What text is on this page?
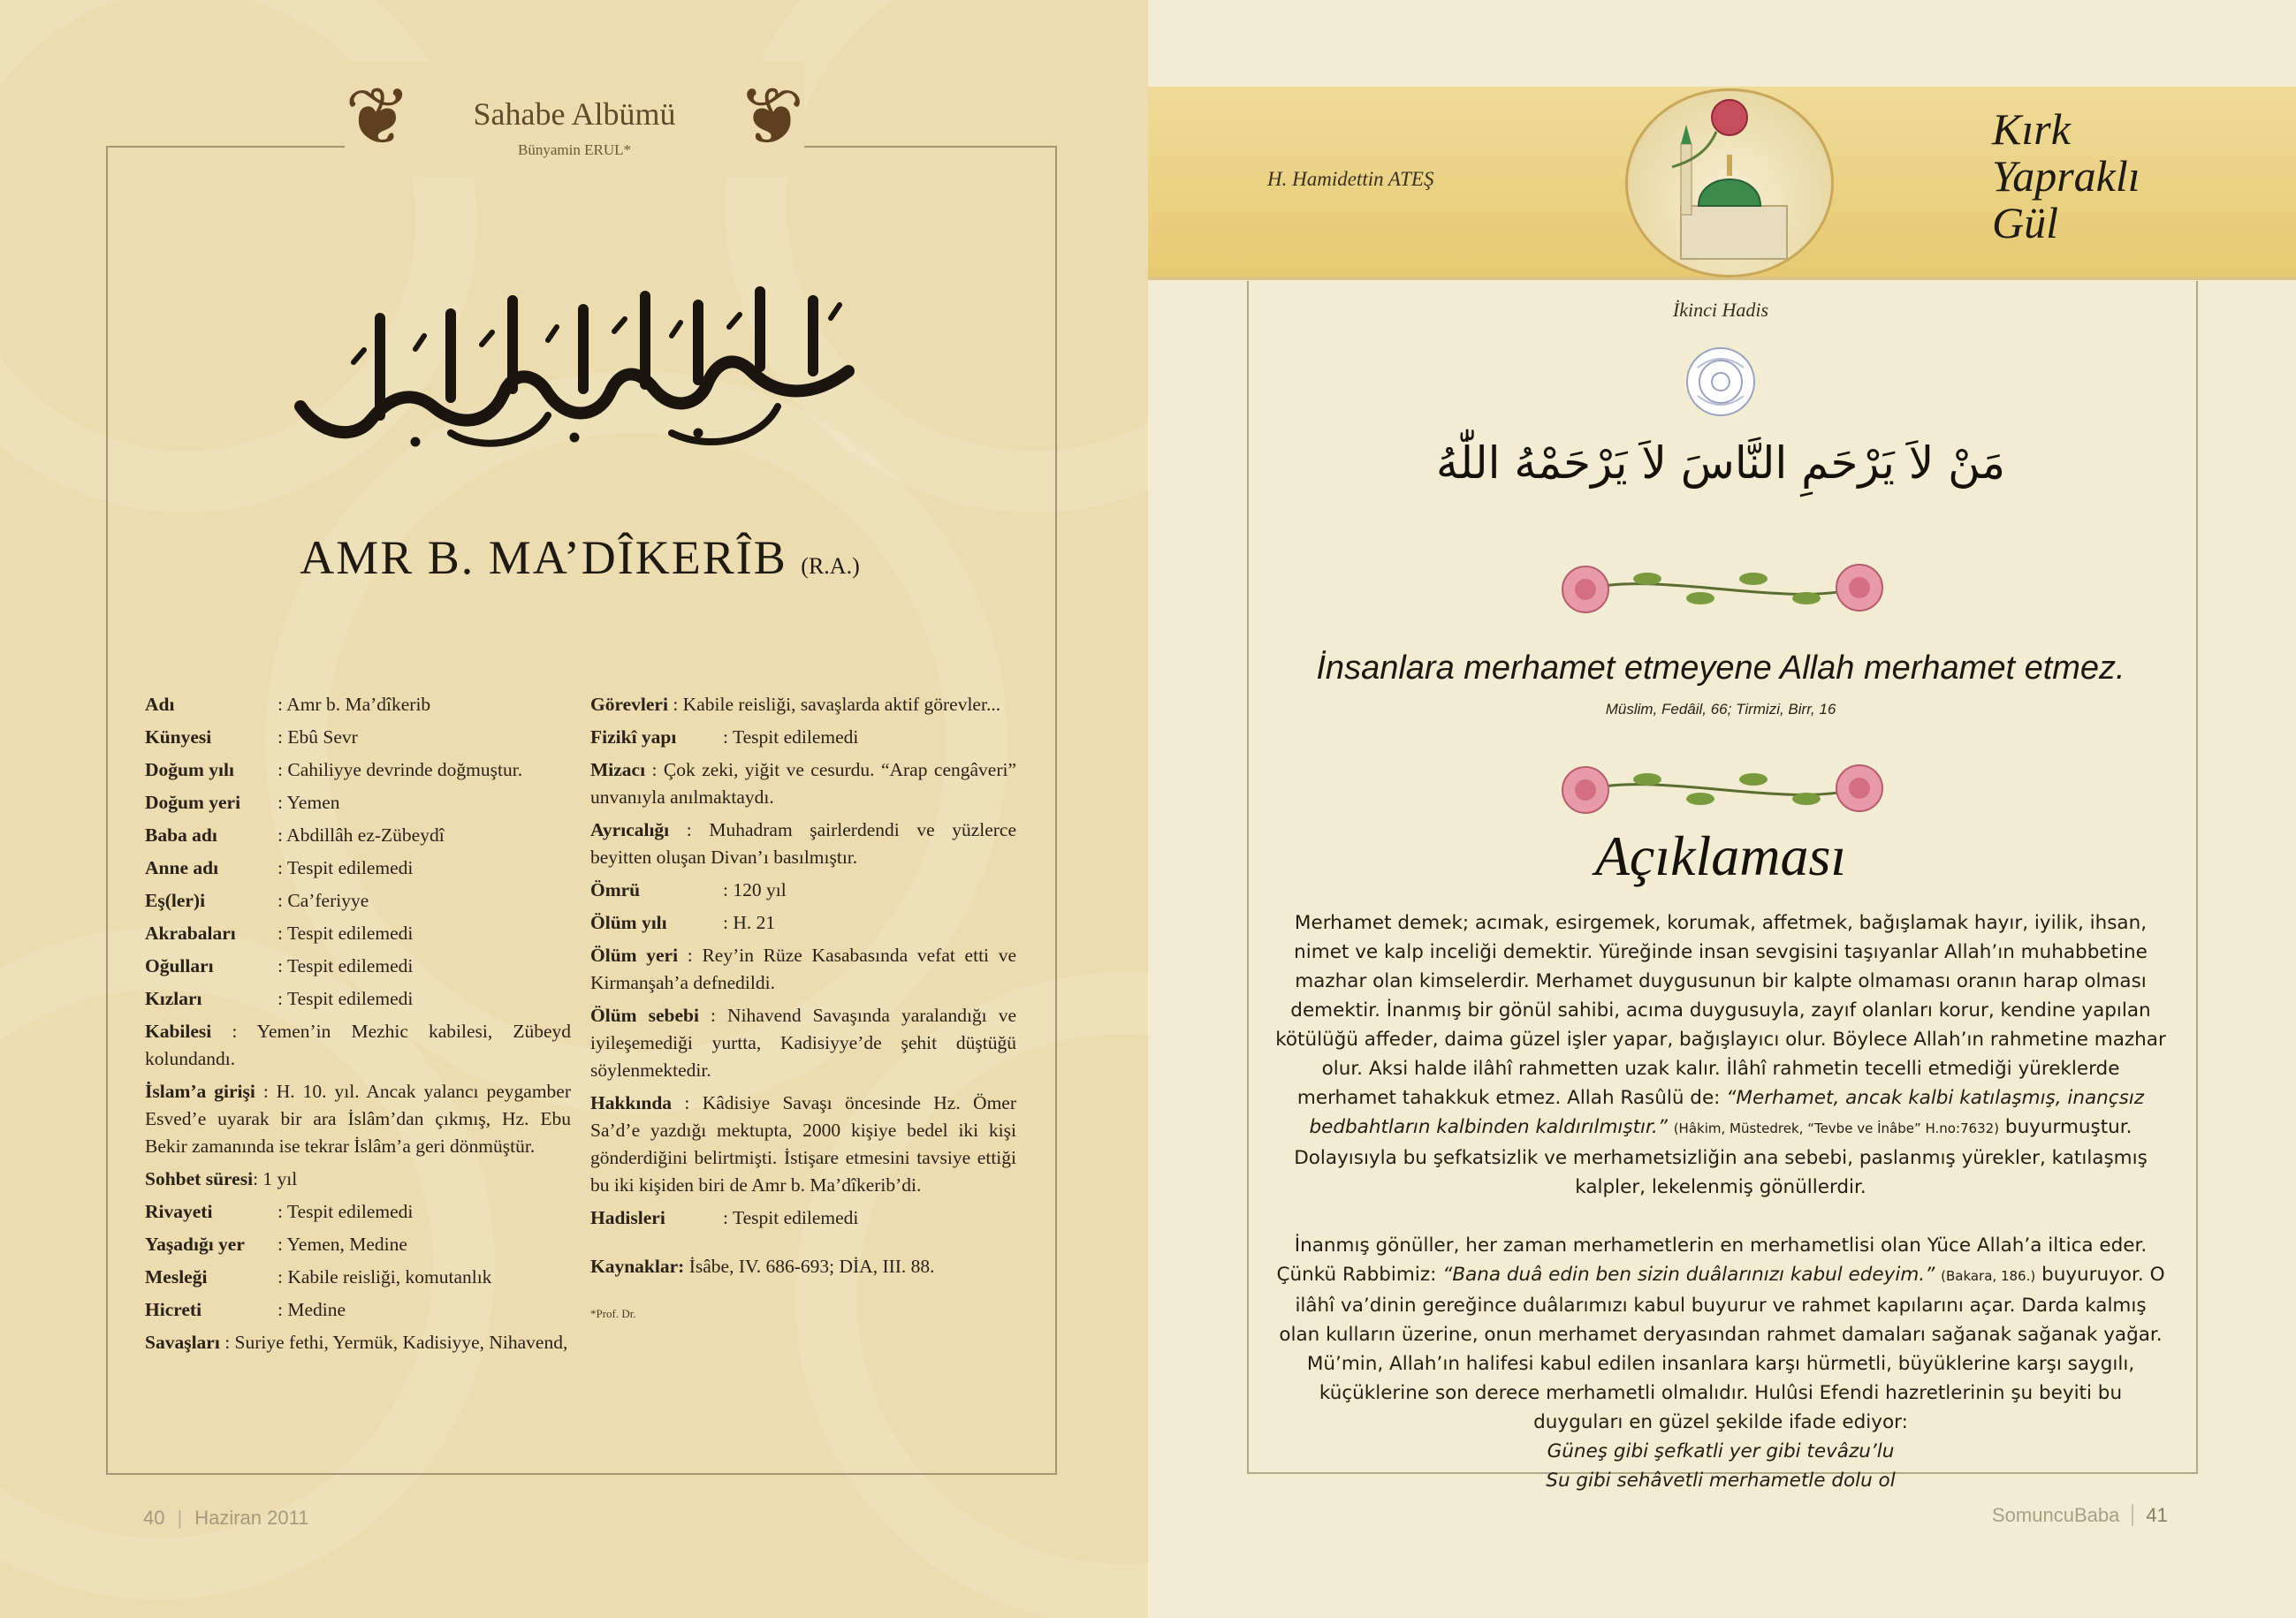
❦	❦
Sahabe Albümü
Bünyamin ERUL*
AMR B. MA’DÎKERÎB (R.A.)
Adı	: Amr b. Ma’dîkerib
Künyesi	: Ebû Sevr
Doğum yılı	: Cahiliyye devrinde doğmuştur.
Doğum yeri	: Yemen
Baba adı	: Abdillâh ez-Zübeydî
Anne adı	: Tespit edilemedi
Eş(ler)i	: Ca’feriyye
Akrabaları	: Tespit edilemedi
Oğulları	: Tespit edilemedi
Kızları	: Tespit edilemedi
Kabilesi : Yemen’in Mezhic kabilesi, Zübeyd kolundandı.
İslam’a girişi : H. 10. yıl. Ancak yalancı peygamber Esved’e uyarak bir ara İslâm’dan çıkmış, Hz. Ebu Bekir zamanında ise tekrar İslâm’a geri dönmüştür.
Sohbet süresi: 1 yıl
Rivayeti	: Tespit edilemedi
Yaşadığı yer	: Yemen, Medine
Mesleği	: Kabile reisliği, komutanlık
Hicreti	: Medine
Savaşları : Suriye fethi, Yermük, Kadisiyye, Nihavend,
Görevleri : Kabile reisliği, savaşlarda aktif görevler...
Fizikî yapı	: Tespit edilemedi
Mizacı : Çok zeki, yiğit ve cesurdu. “Arap cengâveri” unvanıyla anılmaktaydı.
Ayrıcalığı : Muhadram şairlerdendi ve yüzlerce beyitten oluşan Divan’ı basılmıştır.
Ömrü	: 120 yıl
Ölüm yılı	: H. 21
Ölüm yeri : Rey’in Rüze Kasabasında vefat etti ve Kirmanşah’a defnedildi.
Ölüm sebebi : Nihavend Savaşında yaralandığı ve iyileşemediği yurtta, Kadisiyye’de şehit düştüğü söylenmektedir.
Hakkında : Kâdisiye Savaşı öncesinde Hz. Ömer Sa’d’e yazdığı mektupta, 2000 kişiye bedel iki kişi gönderdiğini belirtmişti. İstişare etmesini tavsiye ettiği bu iki kişiden biri de Amr b. Ma’dîkerib’di.
Hadisleri	: Tespit edilemedi
Kaynaklar: İsâbe, IV. 686-693; DİA, III. 88.
*Prof. Dr.
40 | Haziran 2011
H. Hamidettin ATEŞ
Kırk
Yapraklı
Gül
İkinci Hadis
مَنْ لاَ يَرْحَمِ النَّاسَ لاَ يَرْحَمْهُ اللّٰهُ
İnsanlara merhamet etmeyene Allah merhamet etmez.
Müslim, Fedâil, 66; Tirmizi, Birr, 16
Açıklaması
Merhamet demek; acımak, esirgemek, korumak, affetmek, bağışlamak hayır, iyilik, ihsan, nimet ve kalp inceliği demektir. Yüreğinde insan sevgisini taşıyanlar Allah’ın muhabbetine mazhar olan kimselerdir. Merhamet duygusunun bir kalpte olmaması oranın harap olması demektir. İnanmış bir gönül sahibi, acıma duygusuyla, zayıf olanları korur, kendine yapılan kötülüğü affeder, daima güzel işler yapar, bağışlayıcı olur. Böylece Allah’ın rahmetine mazhar olur. Aksi halde ilâhî rahmetten uzak kalır. İlâhî rahmetin tecelli etmediği yüreklerde merhamet tahakkuk etmez. Allah Rasûlü de: “Merhamet, ancak kalbi katılaşmış, inançsız bedbahtların kalbinden kaldırılmıştır.” (Hâkim, Müstedrek, “Tevbe ve İnâbe” H.no:7632) buyurmuştur. Dolayısıyla bu şefkatsizlik ve merhametsizliğin ana sebebi, paslanmış yürekler, katılaşmış kalpler, lekelenmiş gönüllerdir.
İnanmış gönüller, her zaman merhametlerin en merhametlisi olan Yüce Allah’a iltica eder. Çünkü Rabbimiz: “Bana duâ edin ben sizin duâlarınızı kabul edeyim.” (Bakara, 186.) buyuruyor. O ilâhî va’dinin gereğince duâlarımızı kabul buyurur ve rahmet kapılarını açar. Darda kalmış olan kulların üzerine, onun merhamet deryasından rahmet damaları sağanak sağanak yağar.
Mü’min, Allah’ın halifesi kabul edilen insanlara karşı hürmetli, büyüklerine karşı saygılı, küçüklerine son derece merhametli olmalıdır. Hulûsi Efendi hazretlerinin şu beyiti bu duyguları en güzel şekilde ifade ediyor:
Güneş gibi şefkatli yer gibi tevâzu’lu
Su gibi sehâvetli merhametle dolu ol
SomuncuBaba 41
